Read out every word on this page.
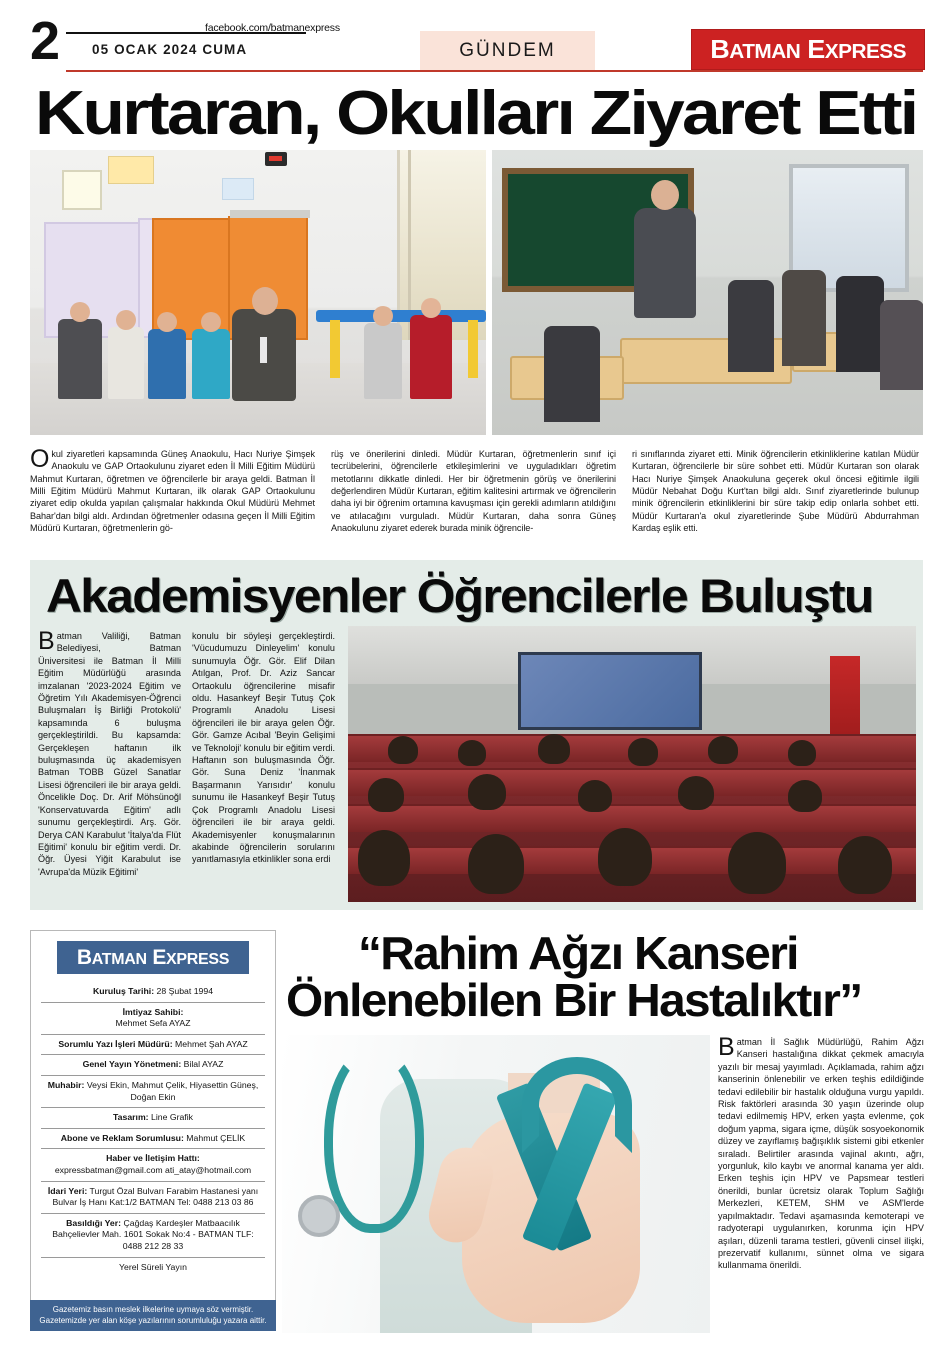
2	facebook.com/batmanexpress
05 OCAK 2024 CUMA	GÜNDEM	BATMAN EXPRESS
Kurtaran, Okulları Ziyaret Etti
Okul ziyaretleri kapsamında Güneş Anaokulu, Hacı Nuriye Şimşek Anaokulu ve GAP Ortaokulunu ziyaret eden İl Milli Eğitim Müdürü Mahmut Kurtaran, öğretmen ve öğrencilerle bir araya geldi. Batman İl Milli Eğitim Müdürü Mahmut Kurtaran, ilk olarak GAP Ortaokulunu ziyaret edip okulda yapılan çalışmalar hakkında Okul Müdürü Mehmet Bahar'dan bilgi aldı. Ardından öğretmenler odasına geçen İl Milli Eğitim Müdürü Kurtaran, öğretmenlerin gö-
rüş ve önerilerini dinledi. Müdür Kurtaran, öğretmenlerin sınıf içi tecrübelerini, öğrencilerle etkileşimlerini ve uyguladıkları öğretim metotlarını dikkatle dinledi. Her bir öğretmenin görüş ve önerilerini değerlendiren Müdür Kurtaran, eğitim kalitesini artırmak ve öğrencilerin daha iyi bir öğrenim ortamına kavuşması için gerekli adımların atıldığını ve atılacağını vurguladı. Müdür Kurtaran, daha sonra Güneş Anaokulunu ziyaret ederek burada minik öğrencile-
ri sınıflarında ziyaret etti. Minik öğrencilerin etkinliklerine katılan Müdür Kurtaran, öğrencilerle bir süre sohbet etti. Müdür Kurtaran son olarak Hacı Nuriye Şimşek Anaokuluna geçerek okul öncesi eğitimle ilgili Müdür Nebahat Doğu Kurt'tan bilgi aldı. Sınıf ziyaretlerinde bulunup minik öğrencilerin etkinliklerini bir süre takip edip onlarla sohbet etti. Müdür Kurtaran'a okul ziyaretlerinde Şube Müdürü Abdurrahman Kardaş eşlik etti.
Akademisyenler Öğrencilerle Buluştu
Batman Valiliği, Batman Belediyesi, Batman Üniversitesi ile Batman İl Milli Eğitim Müdürlüğü arasında imzalanan '2023-2024 Eğitim ve Öğretim Yılı Akademisyen-Öğrenci Buluşmaları İş Birliği Protokolü' kapsamında 6 buluşma gerçekleştirildi. Bu kapsamda: Gerçekleşen haftanın ilk buluşmasında üç akademisyen Batman TOBB Güzel Sanatlar Lisesi öğrencileri ile bir araya geldi. Öncelikle Doç. Dr. Arif Möhsünoğl 'Konservatuvarda Eğitim' adlı sunumu gerçekleştirdi. Arş. Gör. Derya CAN Karabulut 'İtalya'da Flüt Eğitimi' konulu bir eğitim verdi. Dr. Öğr. Üyesi Yiğit Karabulut ise 'Avrupa'da Müzik Eğitimi'
konulu bir söyleşi gerçekleştirdi. 'Vücudumuzu Dinleyelim' konulu sunumuyla Öğr. Gör. Elif Dilan Atılgan, Prof. Dr. Aziz Sancar Ortaokulu öğrencilerine misafir oldu. Hasankeyf Beşir Tutuş Çok Programlı Anadolu Lisesi öğrencileri ile bir araya gelen Öğr. Gör. Gamze Acıbal 'Beyin Gelişimi ve Teknoloji' konulu bir eğitim verdi. Haftanın son buluşmasında Öğr. Gör. Suna Deniz 'İnanmak Başarmanın Yarısıdır' konulu sunumu ile Hasankeyf Beşir Tutuş Çok Programlı Anadolu Lisesi öğrencileri ile bir araya geldi. Akademisyenler konuşmalarının akabinde öğrencilerin sorularını yanıtlamasıyla etkinlikler sona erdi
BATMAN EXPRESS
Kuruluş Tarihi: 28 Şubat 1994
İmtiyaz Sahibi:
Mehmet Sefa AYAZ
Sorumlu Yazı İşleri Müdürü: Mehmet Şah AYAZ
Genel Yayın Yönetmeni: Bilal AYAZ
Muhabir: Veysi Ekin, Mahmut Çelik, Hiyasettin Güneş, Doğan Ekin
Tasarım: Line Grafik
Abone ve Reklam Sorumlusu: Mahmut ÇELİK
Haber ve İletişim Hattı:
expressbatman@gmail.com ati_atay@hotmail.com
İdari Yeri: Turgut Özal Bulvarı Farabim Hastanesi yanı Bulvar İş Hanı Kat:1/2 BATMAN Tel: 0488 213 03 86
Basıldığı Yer: Çağdaş Kardeşler Matbaacılık Bahçelievler Mah. 1601 Sokak No:4 - BATMAN TLF: 0488 212 28 33
Yerel Süreli Yayın
Gazetemiz basın meslek ilkelerine uymaya söz vermiştir.
Gazetemizde yer alan köşe yazılarının sorumluluğu yazara aittir.
“Rahim Ağzı Kanseri
Önlenebilen Bir Hastalıktır”
Batman İl Sağlık Müdürlüğü, Rahim Ağzı Kanseri hastalığına dikkat çekmek amacıyla yazılı bir mesaj yayımladı. Açıklamada, rahim ağzı kanserinin önlenebilir ve erken teşhis edildiğinde tedavi edilebilir bir hastalık olduğuna vurgu yapıldı. Risk faktörleri arasında 30 yaşın üzerinde olup tedavi edilmemiş HPV, erken yaşta evlenme, çok doğum yapma, sigara içme, düşük sosyoekonomik düzey ve zayıflamış bağışıklık sistemi gibi etkenler sıraladı. Belirtiler arasında vajinal akıntı, ağrı, yorgunluk, kilo kaybı ve anormal kanama yer aldı. Erken teşhis için HPV ve Papsmear testleri önerildi, bunlar ücretsiz olarak Toplum Sağlığı Merkezleri, KETEM, SHM ve ASM'lerde yapılmaktadır. Tedavi aşamasında kemoterapi ve radyoterapi uygulanırken, korunma için HPV aşıları, düzenli tarama testleri, güvenli cinsel ilişki, prezervatif kullanımı, sünnet olma ve sigara kullanmama önerildi.
